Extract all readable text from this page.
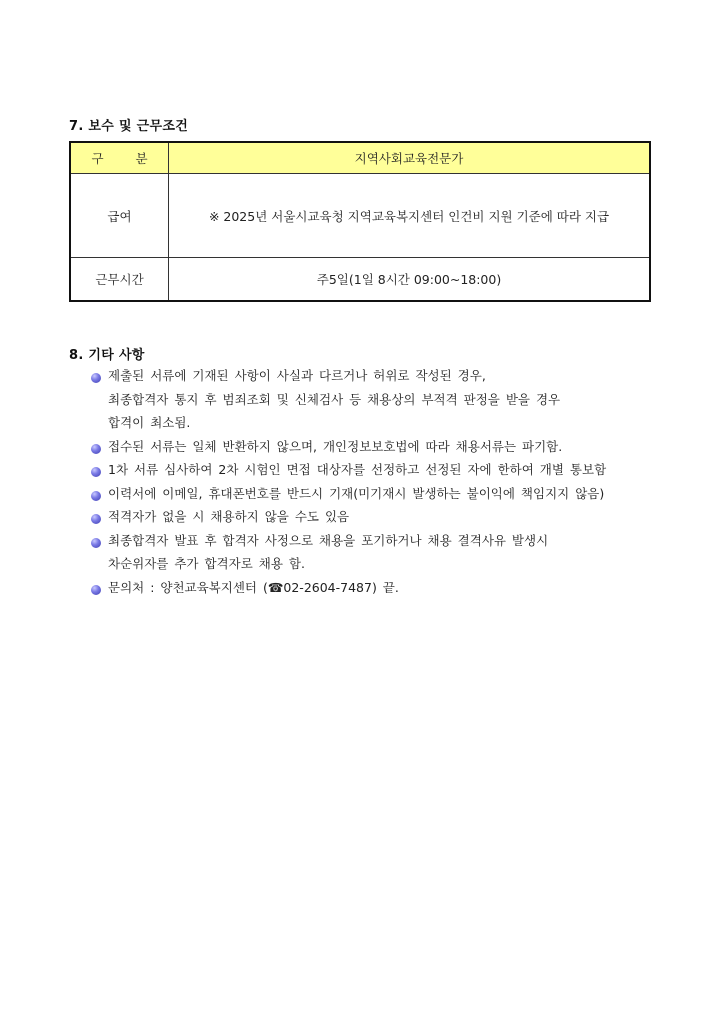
7. 보수 및 근무조건
구 분	지역사회교육전문가
급여	※ 2025년 서울시교육청 지역교육복지센터 인건비 지원 기준에 따라 지급
근무시간	주5일(1일 8시간 09:00~18:00)
8. 기타 사항
제출된 서류에 기재된 사항이 사실과 다르거나 허위로 작성된 경우,
최종합격자 통지 후 범죄조회 및 신체검사 등 채용상의 부적격 판정을 받을 경우
합격이 최소됨.
접수된 서류는 일체 반환하지 않으며, 개인정보보호법에 따라 채용서류는 파기함.
1차 서류 심사하여 2차 시험인 면접 대상자를 선정하고 선정된 자에 한하여 개별 통보함
이력서에 이메일, 휴대폰번호를 반드시 기재(미기재시 발생하는 불이익에 책임지지 않음)
적격자가 없을 시 채용하지 않을 수도 있음
최종합격자 발표 후 합격자 사정으로 채용을 포기하거나 채용 결격사유 발생시
차순위자를 추가 합격자로 채용 함.
문의처 : 양천교육복지센터 (☎02-2604-7487) 끝.
